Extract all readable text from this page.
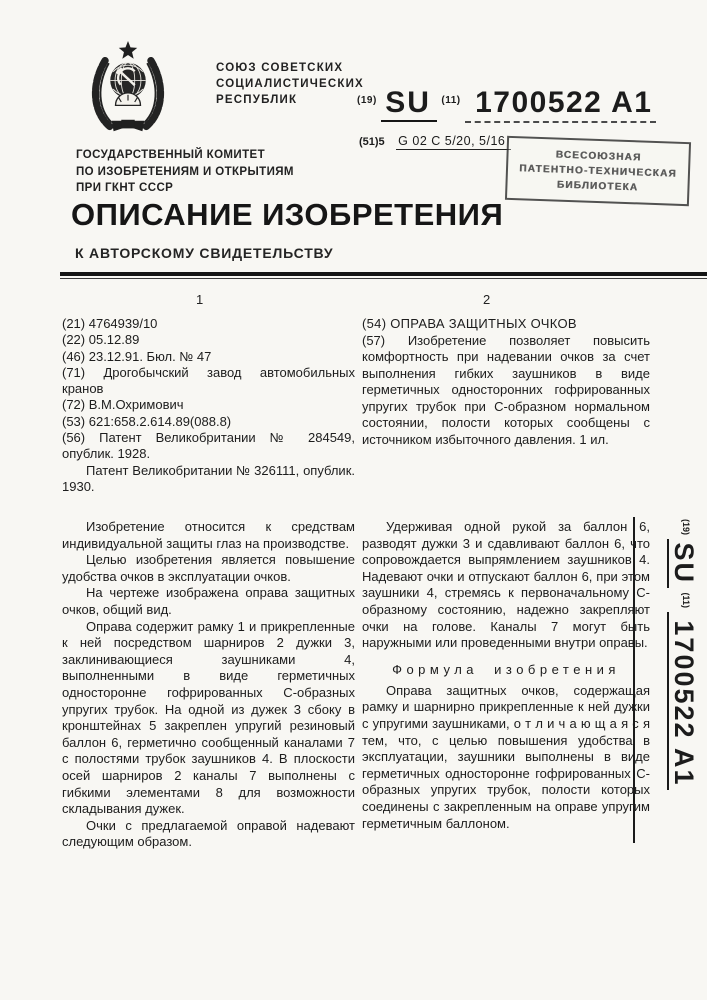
СОЮЗ СОВЕТСКИХ
СОЦИАЛИСТИЧЕСКИХ
РЕСПУБЛИК	$^{(19)}$ SU $^{(11)}$ 1700522 A1
(51)5 G 02 C 5/20, 5/16
ВСЕСОЮЗНАЯ
ПАТЕНТНО-ТЕХНИЧЕСКАЯ
БИБЛИОТЕКА
ГОСУДАРСТВЕННЫЙ КОМИТЕТ
ПО ИЗОБРЕТЕНИЯМ И ОТКРЫТИЯМ
ПРИ ГКНТ СССР
ОПИСАНИЕ ИЗОБРЕТЕНИЯ
К АВТОРСКОМУ СВИДЕТЕЛЬСТВУ
1	2
(21) 4764939/10
(22) 05.12.89
(46) 23.12.91. Бюл. № 47
(71) Дрогобычский завод автомобильных кранов
(72) В.М.Охримович
(53) 621:658.2.614.89(088.8)
(56) Патент Великобритании № 284549, опублик. 1928.
Патент Великобритании № 326111, опублик. 1930.
(54) ОПРАВА ЗАЩИТНЫХ ОЧКОВ
(57) Изобретение позволяет повысить комфортность при надевании очков за счет выполнения гибких заушников в виде герметичных односторонних гофрированных упругих трубок при С-образном нормальном состоянии, полости которых сообщены с источником избыточного давления. 1 ил.

Изобретение относится к средствам индивидуальной защиты глаз на производстве.

Целью изобретения является повышение удобства очков в эксплуатации очков.

На чертеже изображена оправа защитных очков, общий вид.

Оправа содержит рамку 1 и прикрепленные к ней посредством шарниров 2 дужки 3, заклинивающиеся заушниками 4, выполненными в виде герметичных односторонне гофрированных С-образных упругих трубок. На одной из дужек 3 сбоку в кронштейнах 5 закреплен упругий резиновый баллон 6, герметично сообщенный каналами 7 с полостями трубок заушников 4. В плоскости осей шарниров 2 каналы 7 выполнены с гибкими элементами 8 для возможности складывания дужек.

Очки с предлагаемой оправой надевают следующим образом.

Удерживая одной рукой за баллон 6, разводят дужки 3 и сдавливают баллон 6, что сопровождается выпрямлением заушников 4. Надевают очки и отпускают баллон 6, при этом заушники 4, стремясь к первоначальному С-образному состоянию, надежно закрепляют очки на голове. Каналы 7 могут быть наружными или проведенными внутри оправы.

Формула изобретения

Оправа защитных очков, содержащая рамку и шарнирно прикрепленные к ней дужки с упругими заушниками, о т л и ч а ю щ а я с я тем, что, с целью повышения удобства в эксплуатации, заушники выполнены в виде герметичных односторонне гофрированных С-образных упругих трубок, полости которых соединены с закрепленным на оправе упругим герметичным баллоном.

$^{(19)}$ SU $^{(11)}$ 1700522 A1
